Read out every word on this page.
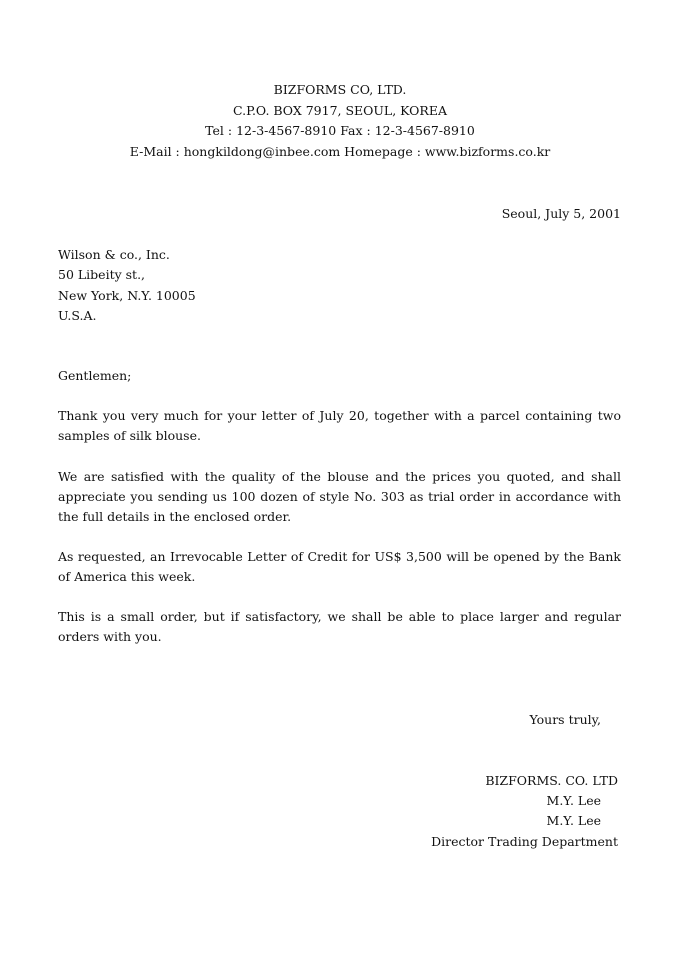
BIZFORMS CO, LTD.
C.P.O. BOX 7917, SEOUL, KOREA
Tel : 12-3-4567-8910 Fax : 12-3-4567-8910
E-Mail : hongkildong@inbee.com Homepage : www.bizforms.co.kr
Seoul, July 5, 2001
Wilson & co., Inc.
50 Libeity st.,
New York, N.Y. 10005
U.S.A.
Gentlemen;
Thank you very much for your letter of July 20, together with a parcel containing two samples of silk blouse.
We are satisfied with the quality of the blouse and the prices you quoted, and shall appreciate you sending us 100 dozen of style No. 303 as trial order in accordance with the full details in the enclosed order.
As requested, an Irrevocable Letter of Credit for US$ 3,500 will be opened by the Bank of America this week.
This is a small order, but if satisfactory, we shall be able to place larger and regular orders with you.
Yours truly,
BIZFORMS. CO. LTD
M.Y. Lee
M.Y. Lee
Director Trading Department
